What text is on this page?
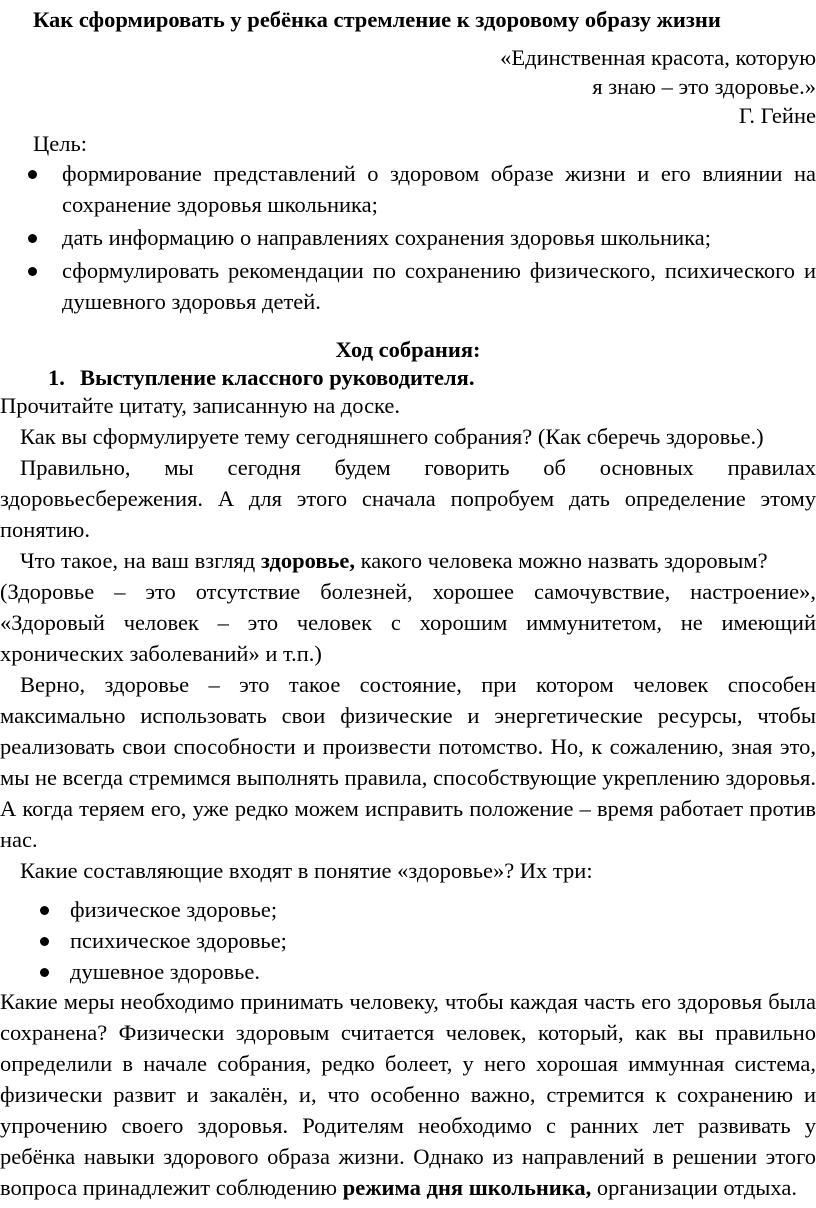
Как сформировать у ребёнка стремление к здоровому образу жизни
«Единственная красота, которую
я знаю – это здоровье.»
Г. Гейне
Цель:
формирование представлений о здоровом образе жизни и его влиянии на сохранение здоровья школьника;
дать информацию о направлениях сохранения здоровья школьника;
сформулировать рекомендации по сохранению физического, психического и душевного здоровья детей.
Ход собрания:
1. Выступление классного руководителя.
Прочитайте цитату, записанную на доске.
Как вы сформулируете тему сегодняшнего собрания? (Как сберечь здоровье.)
Правильно, мы сегодня будем говорить об основных правилах здоровьесбережения. А для этого сначала попробуем дать определение этому понятию.
Что такое, на ваш взгляд здоровье, какого человека можно назвать здоровым?
(Здоровье – это отсутствие болезней, хорошее самочувствие, настроение», «Здоровый человек – это человек с хорошим иммунитетом, не имеющий хронических заболеваний» и т.п.)
Верно, здоровье – это такое состояние, при котором человек способен максимально использовать свои физические и энергетические ресурсы, чтобы реализовать свои способности и произвести потомство. Но, к сожалению, зная это, мы не всегда стремимся выполнять правила, способствующие укреплению здоровья. А когда теряем его, уже редко можем исправить положение – время работает против нас.
Какие составляющие входят в понятие «здоровье»? Их три:
физическое здоровье;
психическое здоровье;
душевное здоровье.
Какие меры необходимо принимать человеку, чтобы каждая часть его здоровья была сохранена? Физически здоровым считается человек, который, как вы правильно определили в начале собрания, редко болеет, у него хорошая иммунная система, физически развит и закалён, и, что особенно важно, стремится к сохранению и упрочению своего здоровья. Родителям необходимо с ранних лет развивать у ребёнка навыки здорового образа жизни. Однако из направлений в решении этого вопроса принадлежит соблюдению режима дня школьника, организации отдыха.
